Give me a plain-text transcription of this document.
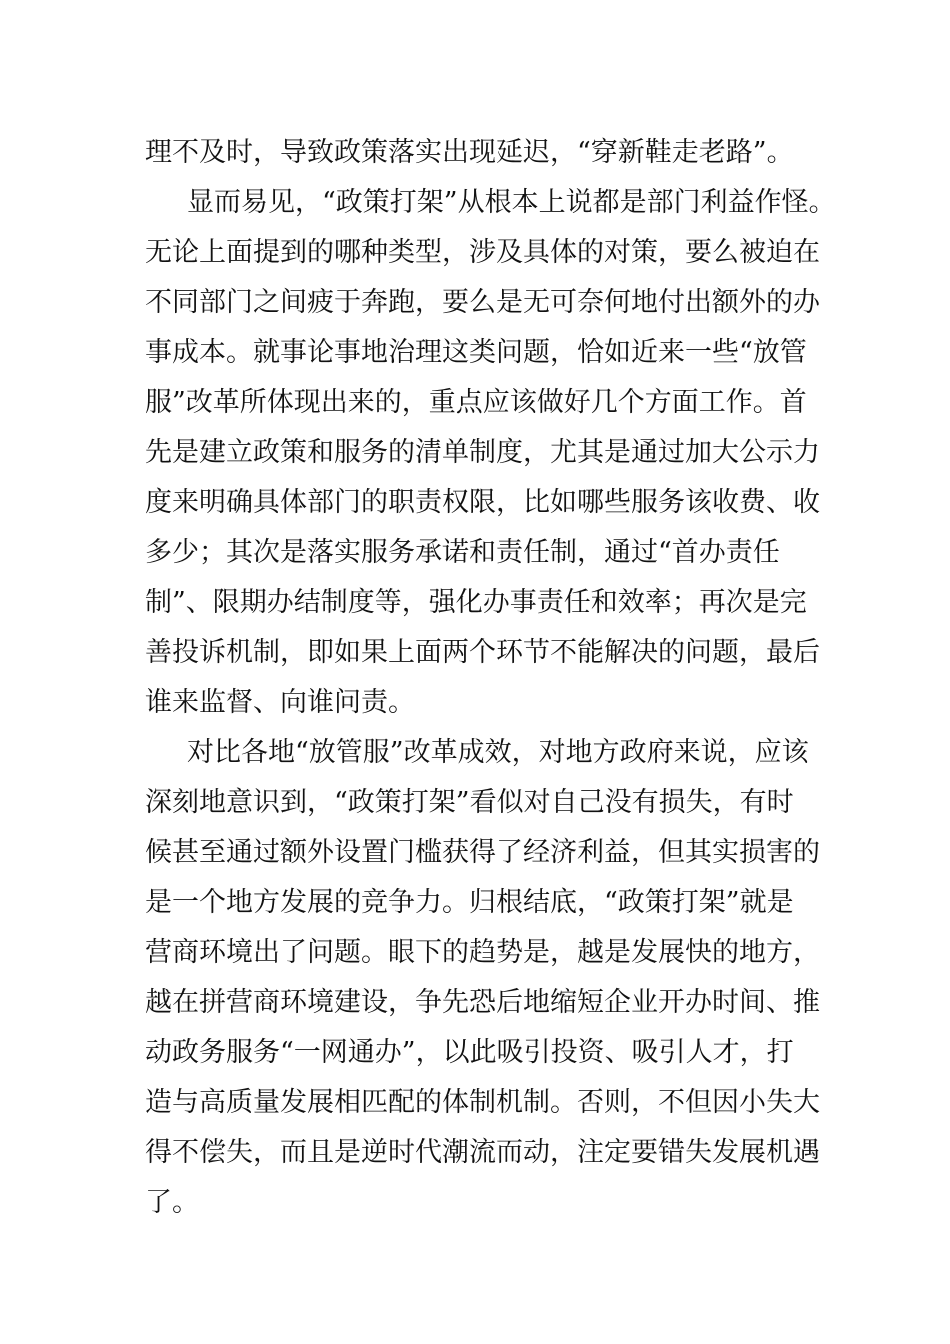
理不及时，导致政策落实出现延迟，“穿新鞋走老路”。
显而易见，“政策打架”从根本上说都是部门利益作怪。
无论上面提到的哪种类型，涉及具体的对策，要么被迫在
不同部门之间疲于奔跑，要么是无可奈何地付出额外的办
事成本。就事论事地治理这类问题，恰如近来一些“放管
服”改革所体现出来的，重点应该做好几个方面工作。首
先是建立政策和服务的清单制度，尤其是通过加大公示力
度来明确具体部门的职责权限，比如哪些服务该收费、收
多少；其次是落实服务承诺和责任制，通过“首办责任
制”、限期办结制度等，强化办事责任和效率；再次是完
善投诉机制，即如果上面两个环节不能解决的问题，最后
谁来监督、向谁问责。
对比各地“放管服”改革成效，对地方政府来说，应该
深刻地意识到，“政策打架”看似对自己没有损失，有时
候甚至通过额外设置门槛获得了经济利益，但其实损害的
是一个地方发展的竞争力。归根结底，“政策打架”就是
营商环境出了问题。眼下的趋势是，越是发展快的地方，
越在拼营商环境建设，争先恐后地缩短企业开办时间、推
动政务服务“一网通办”，以此吸引投资、吸引人才，打
造与高质量发展相匹配的体制机制。否则，不但因小失大
得不偿失，而且是逆时代潮流而动，注定要错失发展机遇
了。
